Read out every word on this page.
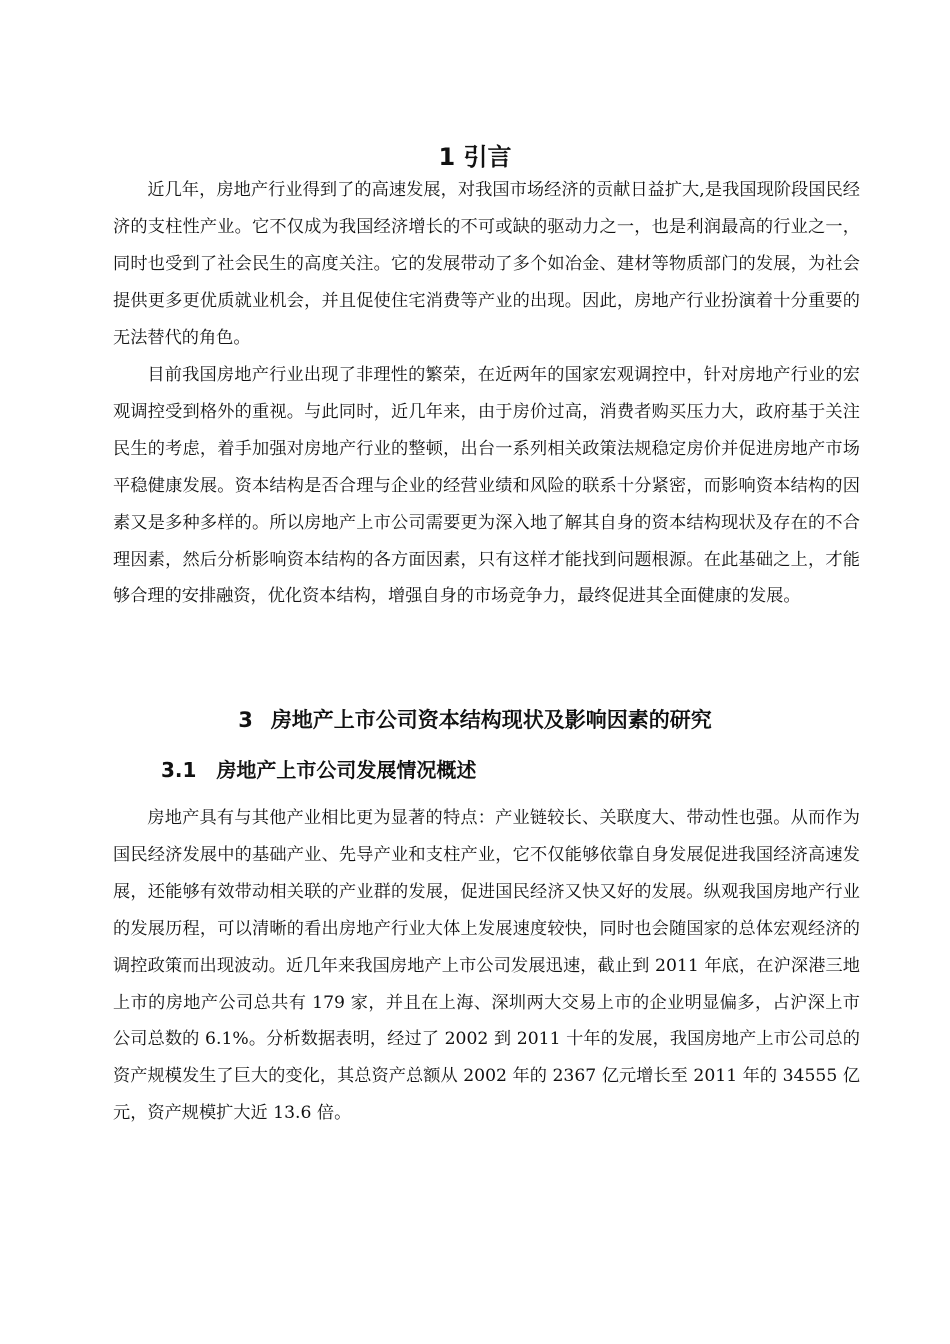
1 引言

近几年，房地产行业得到了的高速发展，对我国市场经济的贡献日益扩大,是我国现阶段国民经济的支柱性产业。它不仅成为我国经济增长的不可或缺的驱动力之一，也是利润最高的行业之一，同时也受到了社会民生的高度关注。它的发展带动了多个如冶金、建材等物质部门的发展，为社会提供更多更优质就业机会，并且促使住宅消费等产业的出现。因此，房地产行业扮演着十分重要的无法替代的角色。

目前我国房地产行业出现了非理性的繁荣，在近两年的国家宏观调控中，针对房地产行业的宏观调控受到格外的重视。与此同时，近几年来，由于房价过高，消费者购买压力大，政府基于关注民生的考虑，着手加强对房地产行业的整顿，出台一系列相关政策法规稳定房价并促进房地产市场平稳健康发展。资本结构是否合理与企业的经营业绩和风险的联系十分紧密，而影响资本结构的因素又是多种多样的。所以房地产上市公司需要更为深入地了解其自身的资本结构现状及存在的不合理因素，然后分析影响资本结构的各方面因素，只有这样才能找到问题根源。在此基础之上，才能够合理的安排融资，优化资本结构，增强自身的市场竞争力，最终促进其全面健康的发展。

3 房地产上市公司资本结构现状及影响因素的研究
3.1 房地产上市公司发展情况概述

房地产具有与其他产业相比更为显著的特点：产业链较长、关联度大、带动性也强。从而作为国民经济发展中的基础产业、先导产业和支柱产业，它不仅能够依靠自身发展促进我国经济高速发展，还能够有效带动相关联的产业群的发展，促进国民经济又快又好的发展。纵观我国房地产行业的发展历程，可以清晰的看出房地产行业大体上发展速度较快，同时也会随国家的总体宏观经济的调控政策而出现波动。近几年来我国房地产上市公司发展迅速，截止到 2011 年底，在沪深港三地上市的房地产公司总共有 179 家，并且在上海、深圳两大交易上市的企业明显偏多，占沪深上市公司总数的 6.1%。分析数据表明，经过了 2002 到 2011 十年的发展，我国房地产上市公司总的资产规模发生了巨大的变化，其总资产总额从 2002 年的 2367 亿元增长至 2011 年的 34555 亿元，资产规模扩大近 13.6 倍。
